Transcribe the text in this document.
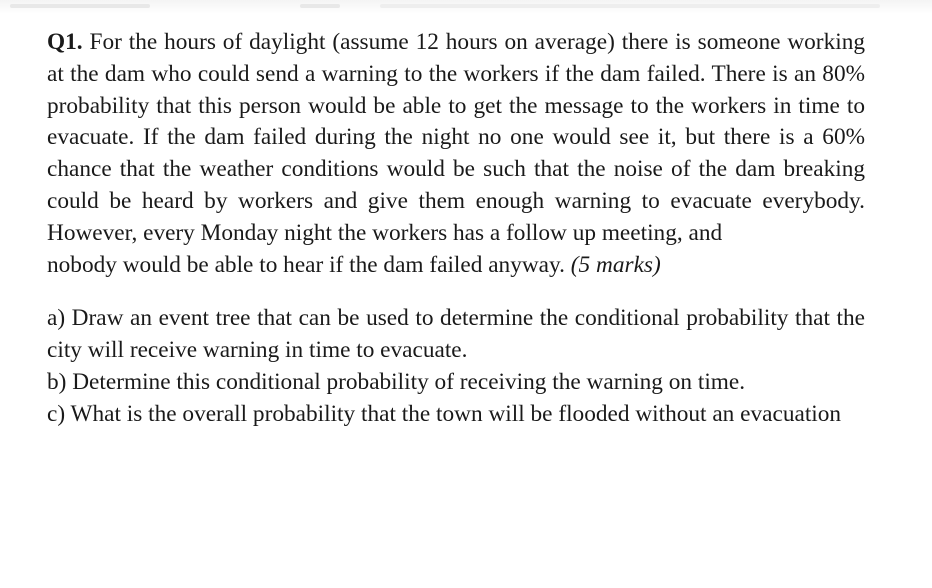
Q1. For the hours of daylight (assume 12 hours on average) there is someone working at the dam who could send a warning to the workers if the dam failed. There is an 80% probability that this person would be able to get the message to the workers in time to evacuate. If the dam failed during the night no one would see it, but there is a 60% chance that the weather conditions would be such that the noise of the dam breaking could be heard by workers and give them enough warning to evacuate everybody. However, every Monday night the workers has a follow up meeting, and
nobody would be able to hear if the dam failed anyway. (5 marks)

a) Draw an event tree that can be used to determine the conditional probability that the city will receive warning in time to evacuate.

b) Determine this conditional probability of receiving the warning on time.

c) What is the overall probability that the town will be flooded without an evacuation
